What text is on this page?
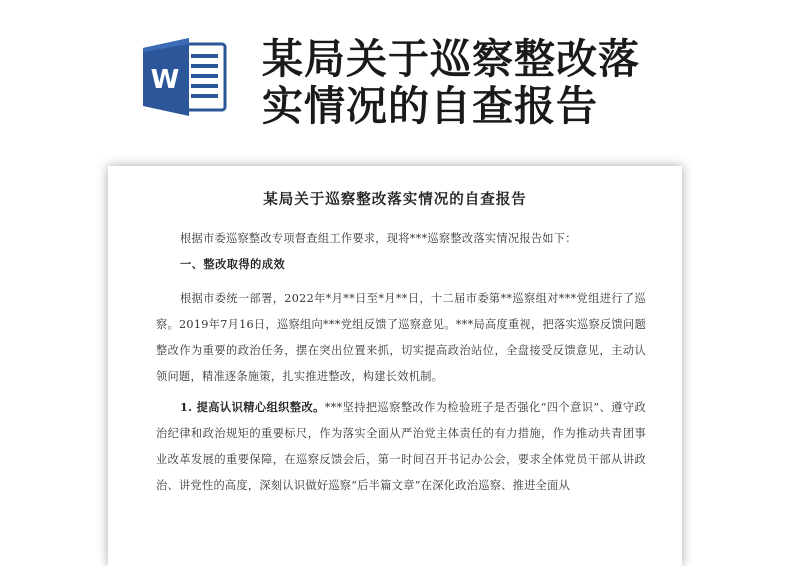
W 某局关于巡察整改落
实情况的自查报告
某局关于巡察整改落实情况的自查报告
根据市委巡察整改专项督查组工作要求，现将***巡察整改落实情况报告如下：
一、整改取得的成效
根据市委统一部署，2022年*月**日至*月**日，十二届市委第**巡察组对***党组进行了巡察。2019年7月16日，巡察组向***党组反馈了巡察意见。***局高度重视，把落实巡察反馈问题整改作为重要的政治任务，摆在突出位置来抓，切实提高政治站位，全盘接受反馈意见，主动认领问题，精准逐条施策，扎实推进整改，构建长效机制。
1. 提高认识精心组织整改。***坚持把巡察整改作为检验班子是否强化“四个意识”、遵守政治纪律和政治规矩的重要标尺，作为落实全面从严治党主体责任的有力措施，作为推动共青团事业改革发展的重要保障，在巡察反馈会后，第一时间召开书记办公会，要求全体党员干部从讲政治、讲党性的高度，深刻认识做好巡察“后半篇文章”在深化政治巡察、推进全面从
